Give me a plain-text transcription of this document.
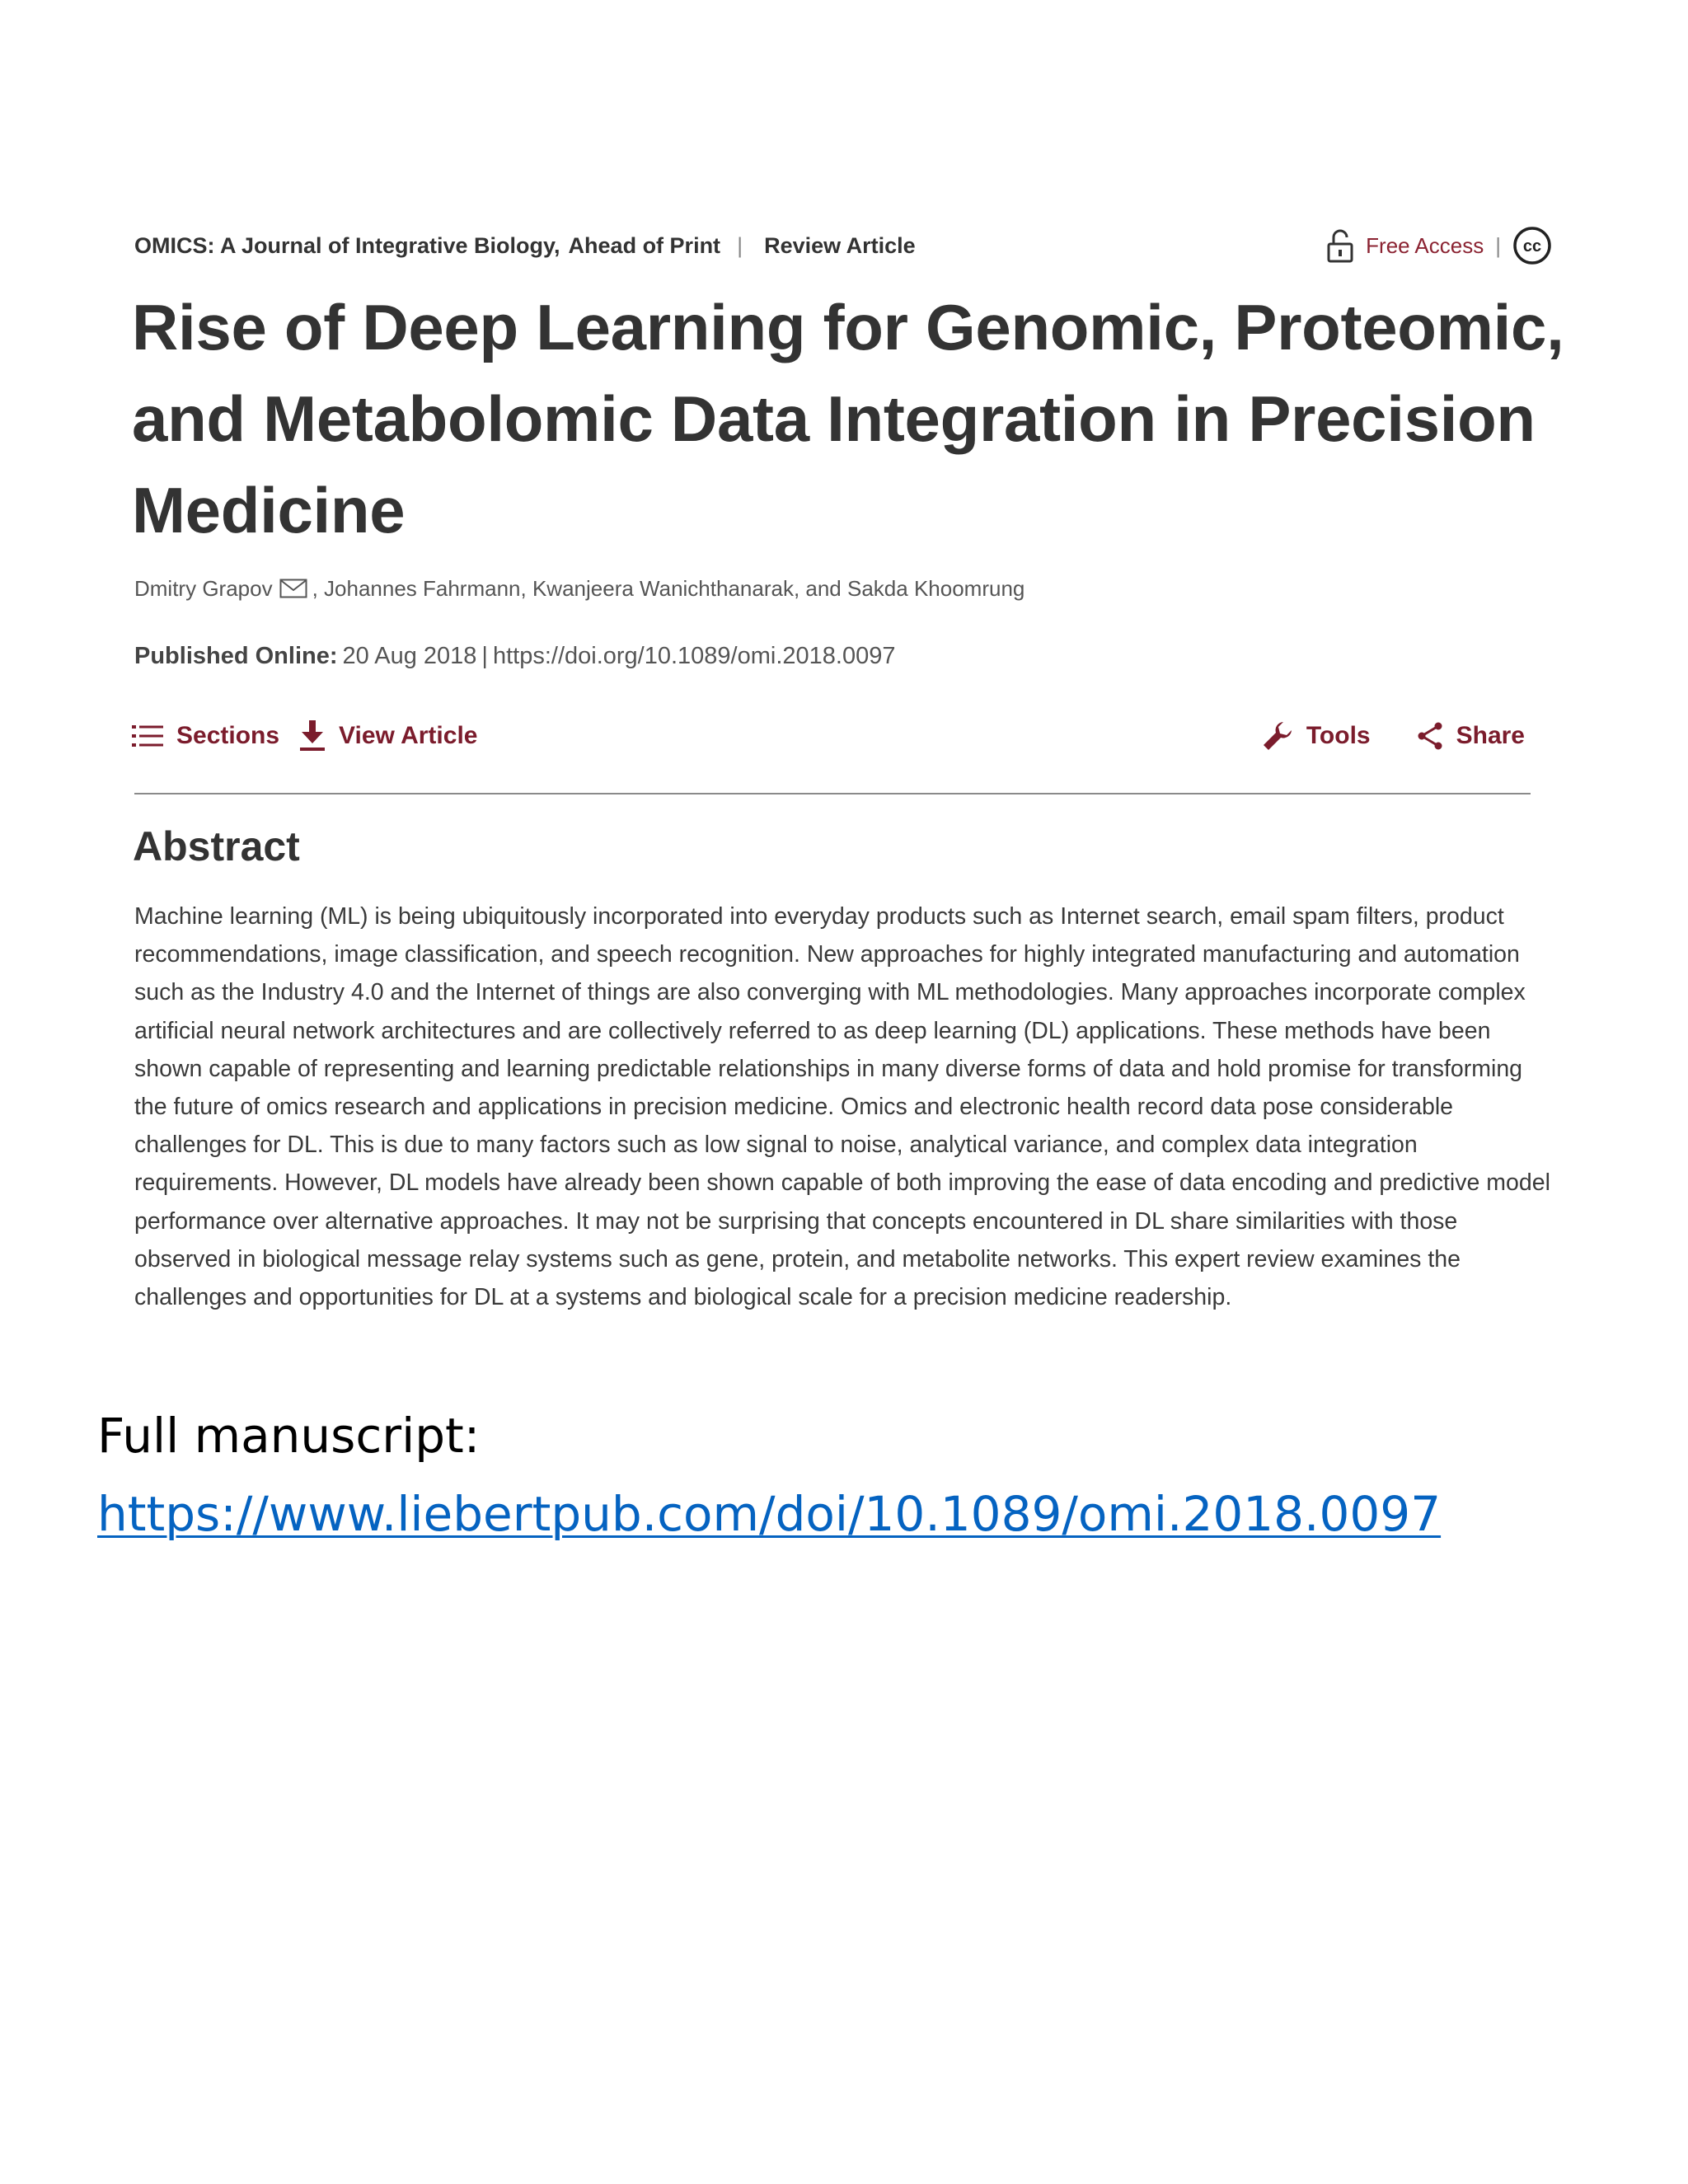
OMICS: A Journal of Integrative Biology, Ahead of Print | Review Article	Free Access | cc
Rise of Deep Learning for Genomic, Proteomic, and Metabolomic Data Integration in Precision Medicine
Dmitry Grapov , Johannes Fahrmann, Kwanjeera Wanichthanarak, and Sakda Khoomrung
Published Online: 20 Aug 2018 | https://doi.org/10.1089/omi.2018.0097
Sections View Article	Tools	Share
Abstract

Machine learning (ML) is being ubiquitously incorporated into everyday products such as Internet search, email spam filters, product recommendations, image classification, and speech recognition. New approaches for highly integrated manufacturing and automation such as the Industry 4.0 and the Internet of things are also converging with ML methodologies. Many approaches incorporate complex artificial neural network architectures and are collectively referred to as deep learning (DL) applications. These methods have been shown capable of representing and learning predictable relationships in many diverse forms of data and hold promise for transforming the future of omics research and applications in precision medicine. Omics and electronic health record data pose considerable challenges for DL. This is due to many factors such as low signal to noise, analytical variance, and complex data integration requirements. However, DL models have already been shown capable of both improving the ease of data encoding and predictive model performance over alternative approaches. It may not be surprising that concepts encountered in DL share similarities with those observed in biological message relay systems such as gene, protein, and metabolite networks. This expert review examines the challenges and opportunities for DL at a systems and biological scale for a precision medicine readership.

Full manuscript:
https://www.liebertpub.com/doi/10.1089/omi.2018.0097
